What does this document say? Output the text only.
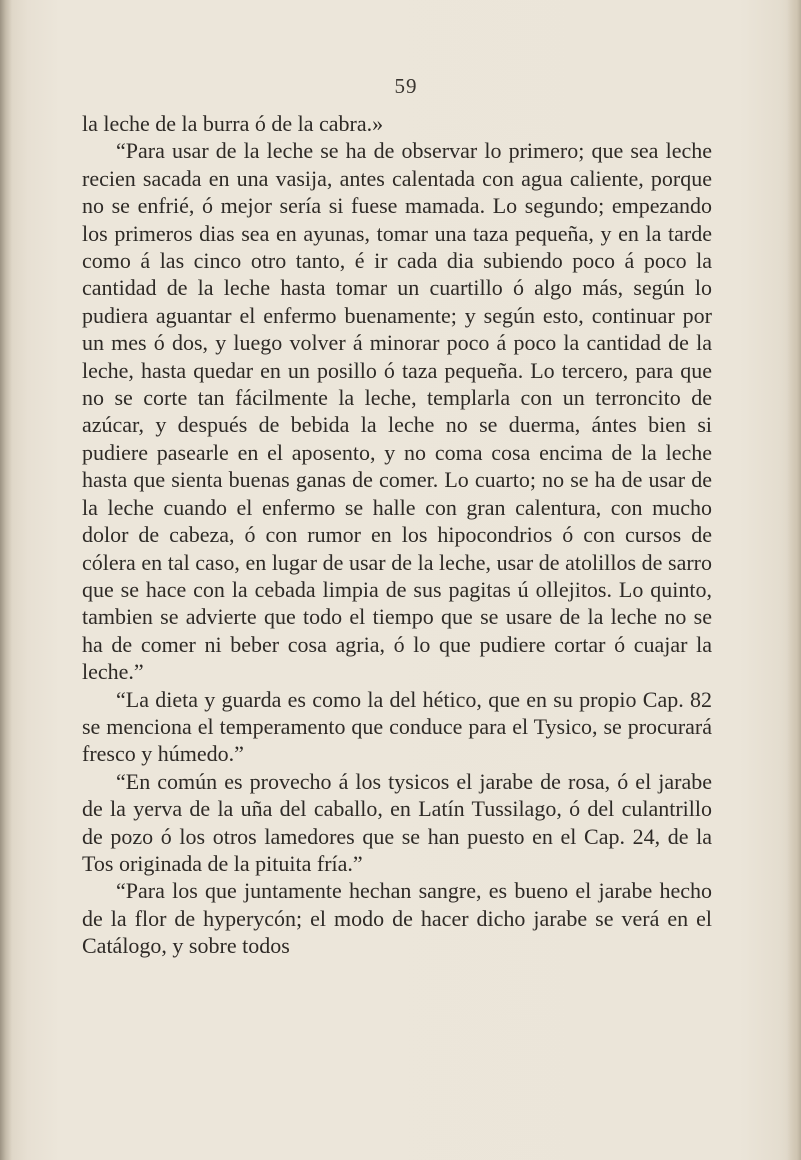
59

la leche de la burra ó de la cabra.»

“Para usar de la leche se ha de observar lo primero; que sea leche recien sacada en una vasija, antes calentada con agua caliente, porque no se enfrié, ó mejor sería si fuese mamada. Lo segundo; empezando los primeros dias sea en ayunas, tomar una taza pequeña, y en la tarde como á las cinco otro tanto, é ir cada dia subiendo poco á poco la cantidad de la leche hasta tomar un cuartillo ó algo más, según lo pudiera aguantar el enfermo buenamente; y según esto, continuar por un mes ó dos, y luego volver á minorar poco á poco la cantidad de la leche, hasta quedar en un posillo ó taza pequeña. Lo tercero, para que no se corte tan fácilmente la leche, templarla con un terroncito de azúcar, y después de bebida la leche no se duerma, ántes bien si pudiere pasearle en el aposento, y no coma cosa encima de la leche hasta que sienta buenas ganas de comer. Lo cuarto; no se ha de usar de la leche cuando el enfermo se halle con gran calentura, con mucho dolor de cabeza, ó con rumor en los hipocondrios ó con cursos de cólera en tal caso, en lugar de usar de la leche, usar de atolillos de sarro que se hace con la cebada limpia de sus pagitas ú ollejitos. Lo quinto, tambien se advierte que todo el tiempo que se usare de la leche no se ha de comer ni beber cosa agria, ó lo que pudiere cortar ó cuajar la leche.”

“La dieta y guarda es como la del hético, que en su propio Cap. 82 se menciona el temperamento que conduce para el Tysico, se procurará fresco y húmedo.”

“En común es provecho á los tysicos el jarabe de rosa, ó el jarabe de la yerva de la uña del caballo, en Latín Tussilago, ó del culantrillo de pozo ó los otros lamedores que se han puesto en el Cap. 24, de la Tos originada de la pituita fría.”

“Para los que juntamente hechan sangre, es bueno el jarabe hecho de la flor de hyperycón; el modo de hacer dicho jarabe se verá en el Catálogo, y sobre todos
